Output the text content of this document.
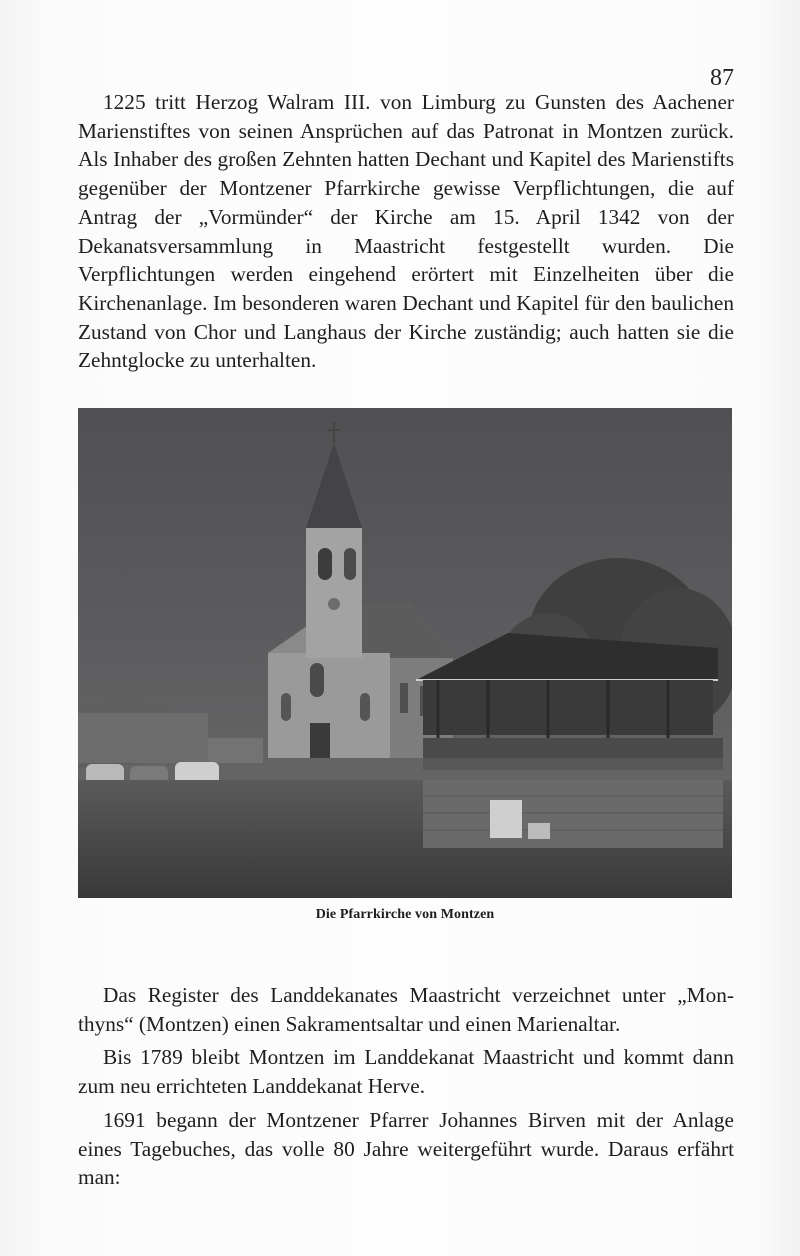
87

1225 tritt Herzog Walram III. von Limburg zu Gunsten des Aachener Marienstiftes von seinen Ansprüchen auf das Patronat in Montzen zurück. Als Inhaber des großen Zehnten hatten Dechant und Kapitel des Marienstifts gegenüber der Montzener Pfarrkirche gewisse Verpflichtungen, die auf Antrag der „Vormünder“ der Kirche am 15. April 1342 von der Dekanatsversammlung in Maastricht festgestellt wurden. Die Verpflichtungen werden eingehend erörtert mit Einzelheiten über die Kirchenanlage. Im besonderen waren Dechant und Kapitel für den baulichen Zustand von Chor und Langhaus der Kirche zuständig; auch hatten sie die Zehntglocke zu unterhalten.

Die Pfarrkirche von Montzen

Das Register des Landdekanates Maastricht verzeichnet unter „Monthyns“ (Montzen) einen Sakramentsaltar und einen Marienaltar.

Bis 1789 bleibt Montzen im Landdekanat Maastricht und kommt dann zum neu errichteten Landdekanat Herve.

1691 begann der Montzener Pfarrer Johannes Birven mit der Anlage eines Tagebuches, das volle 80 Jahre weitergeführt wurde. Daraus erfährt man:
